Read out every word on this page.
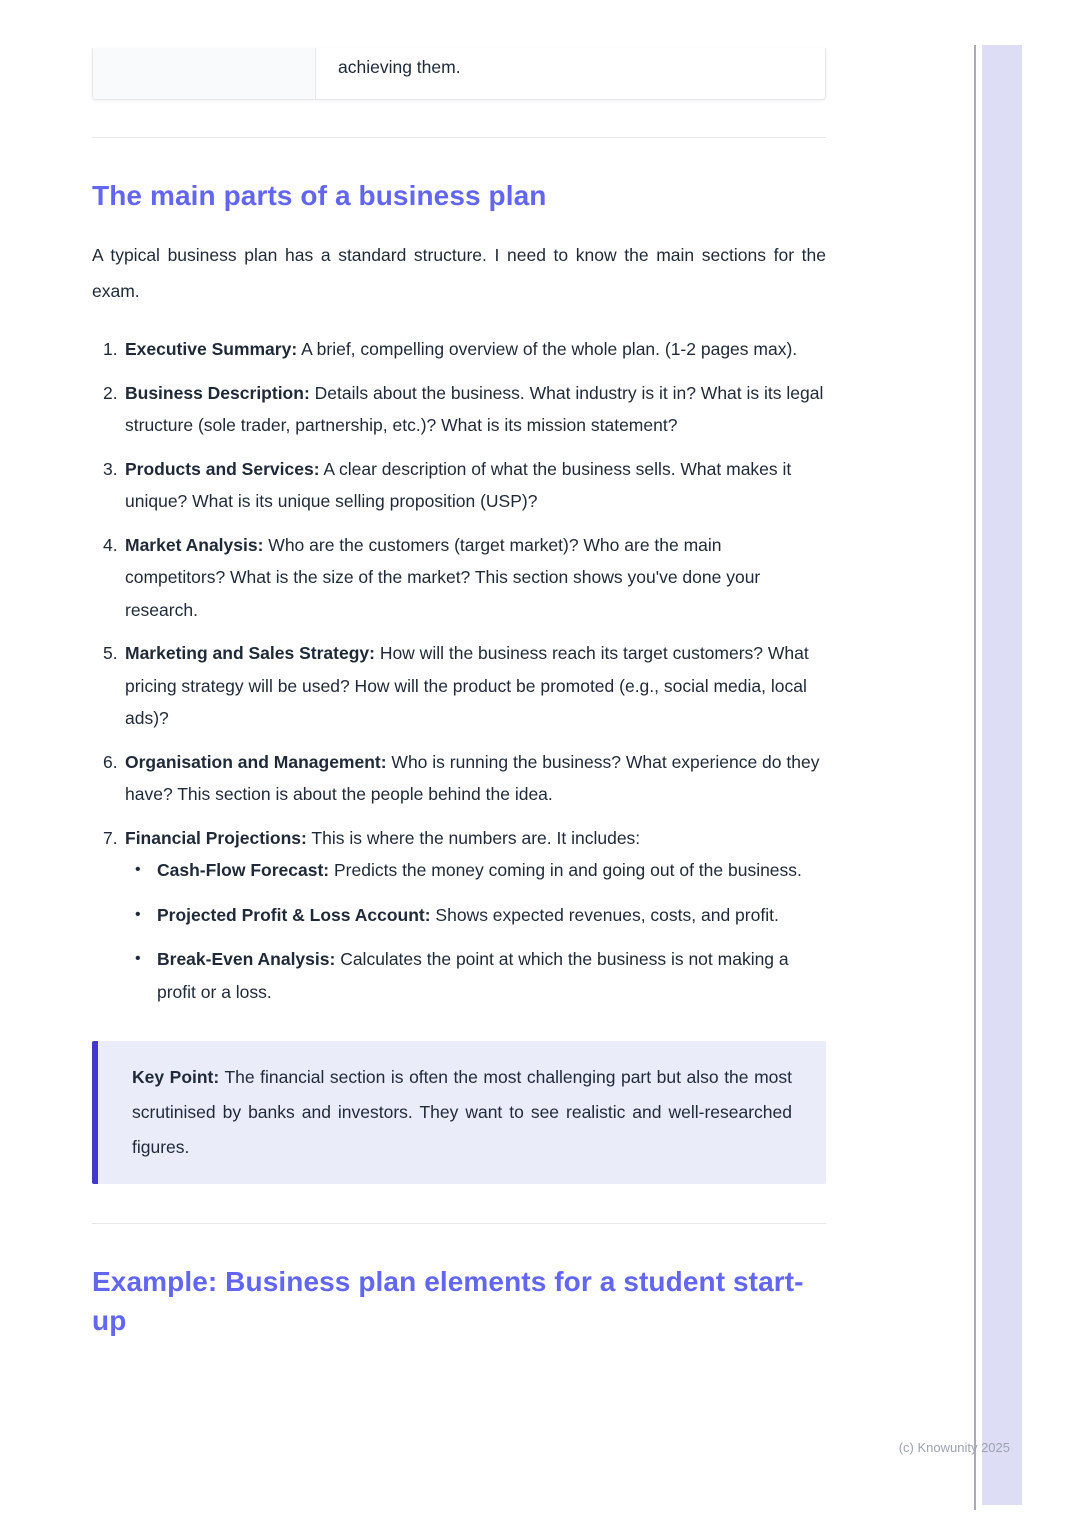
achieving them.
The main parts of a business plan

A typical business plan has a standard structure. I need to know the main sections for the exam.

1. Executive Summary: A brief, compelling overview of the whole plan. (1-2 pages max).
2. Business Description: Details about the business. What industry is it in? What is its legal structure (sole trader, partnership, etc.)? What is its mission statement?
3. Products and Services: A clear description of what the business sells. What makes it unique? What is its unique selling proposition (USP)?
4. Market Analysis: Who are the customers (target market)? Who are the main competitors? What is the size of the market? This section shows you've done your research.
5. Marketing and Sales Strategy: How will the business reach its target customers? What pricing strategy will be used? How will the product be promoted (e.g., social media, local ads)?
6. Organisation and Management: Who is running the business? What experience do they have? This section is about the people behind the idea.
7. Financial Projections: This is where the numbers are. It includes:
• Cash-Flow Forecast: Predicts the money coming in and going out of the business.
• Projected Profit & Loss Account: Shows expected revenues, costs, and profit.
• Break-Even Analysis: Calculates the point at which the business is not making a profit or a loss.
Key Point: The financial section is often the most challenging part but also the most scrutinised by banks and investors. They want to see realistic and well-researched figures.
Example: Business plan elements for a student start-up
(c) Knowunity 2025
